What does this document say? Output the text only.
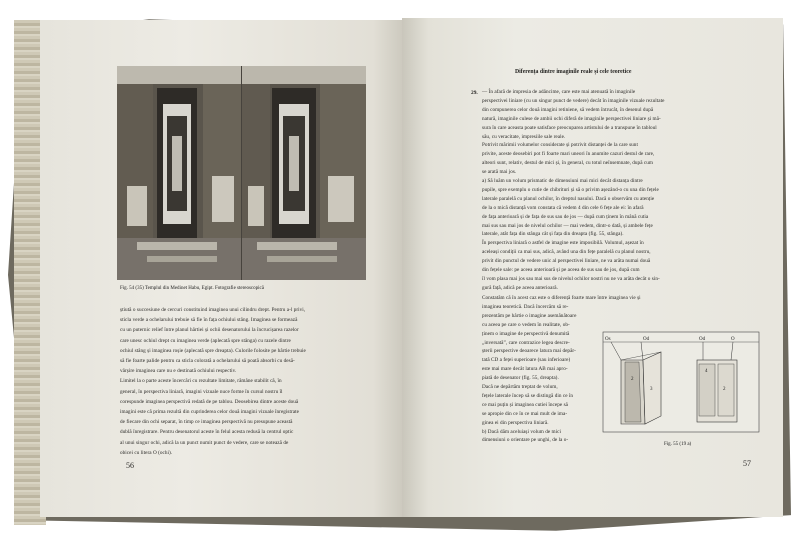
Fig. 54 (35) Templul din Medinet Habu, Egipt. Fotografie stereoscopică
știută o succesiune de cercuri constituind imaginea unui cilindru drept. Pentru a-l privi,
sticla verde a ochelarului trebuie să fie în fața ochiului stâng. Imaginea se formează
cu un puternic relief între planul hârtiei și ochii desenatorului la încrucișarea razelor
care unesc ochiul drept cu imaginea verde (aplecată spre stânga) cu razele dintre
ochiul stâng și imaginea roșie (aplecată spre dreapta). Culorile folosite pe hârtie trebuie
să fie foarte palide pentru ca sticla colorată a ochelarului să poată absorbi cu desă-
vârșire imaginea care nu e destinată ochiului respectiv.
Limitel la o parte aceste încercări cu rezultate limitate, rămâne stabilit că, în
general, în perspectiva liniară, imagini vizuale nuce forme în cursul nostru îl
corespunde imaginea perspectivă redată de pe tablou. Deosebirea dintre aceste două
imagini este că prima rezultă din cuprinderea celor două imagini vizuale înregistrate
de fiecare din ochi separat, în timp ce imaginea perspectivă nu presupune această
dublă înregistrare. Pentru desenatorul aceste în felul acesta redusă la centrul optic
al unui singur ochi, adică la un punct numit punct de vedere, care se notează de
obicei cu litera O (ochi).
56
Diferența dintre imaginile reale și cele teoretice
29. — În afară de impresia de adâncime, care este mai atenuată în imaginile
perspectivei liniare (cu un singur punct de vedere) decât în imaginile vizuale rezultate
din compunerea celor două imagini retiniene, să vedem întrucât, în desenul după
natură, imaginile culese de ambii ochi diferă de imaginile perspectivei liniare și mă-
sura în care aceasta poate satisface preocuparea artistului de a transpune în tabloul
său, cu veracitate, impresiile sale reale.
Potrivit mărimii volumelor considerate și potrivit distanței de la care sunt
privite, aceste deosebiri pot fi foarte mari uneori în anumite cazuri destul de rare,
alteori sunt, relativ, destul de mici și, în general, cu totul neînsemnate, după cum
se arată mai jos.
a) Să luăm un volum prismatic de dimensiuni mai mici decât distanța dintre
pupile, spre exemplu o cutie de chibrituri și să o privim așezând-o cu una din fețele
laterale paralelă cu planul ochilor, în dreptul nasului. Dacă o observăm cu atenție
de la o mică distanță vom constata că vedem 4 din cele 6 fețe ale ei: în afară
de fața anterioară și de fața de sus sau de jos — după cum ținem în mână cutia
mai sus sau mai jos de nivelul ochilor — mai vedem, dintr-o dată, și ambele fețe
laterale, atât fața din stânga cât și fața din dreapta (fig. 55, stânga).
În perspectiva liniară o astfel de imagine este imposibilă. Volumul, așezat în
aceleași condiții ca mai sus, adică, având una din fețe paralelă cu planul nostru,
privit din punctul de vedere unic al perspectivei liniare, ne va arăta numai două
din fețele sale: pe aceea anterioară și pe aceea de sus sau de jos, după cum
îl vom plasa mai jos sau mai sus de nivelul ochilor nostri nu ne va arăta decât o sin-
gură față, adică pe aceea anterioară.
Constatăm că în acest caz este o diferență foarte mare între imaginea vie și
imaginea teoretică. Dacă încercăm să re-
prezentăm pe hârtie o imagine asemănătoare
cu aceea pe care o vedem în realitate, ob-
ținem o imagine de perspectivă denumită
„inversată”, care contrazice legea descre-
șterii perspective deoarece latura mai depăr-
tată CD a feței superioare (sau inferioare)
este mai mare decât latura AB mai apro-
piată de desenator (fig. 55, dreapta).
Dacă ne depărtăm treptat de volum,
fețele laterale încep să se distingă din ce în
ce mai puțin și imaginea cutiei începe să
se apropie din ce în ce mai mult de ima-
ginea ei din perspectiva liniară.
b) Dacă dăm aceluiași volum de mici
dimensiuni o orientare pe unghi, de la o-
Os	Od	Od	O
2
3
4
2
Fig. 55 (19 a)
57
